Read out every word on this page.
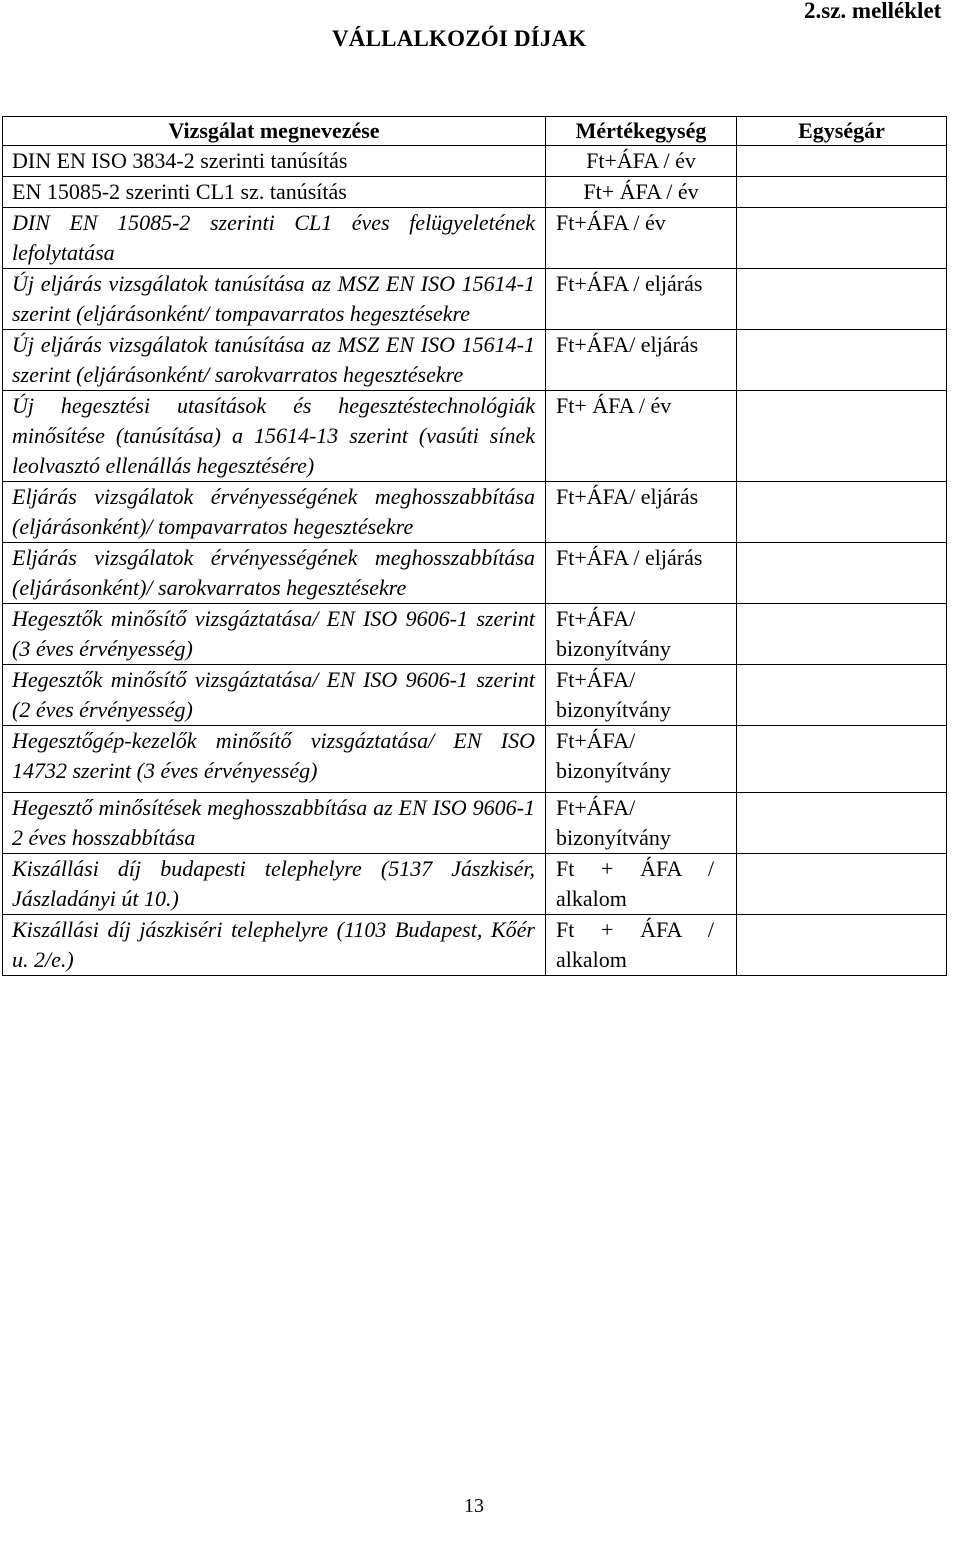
2.sz. melléklet
VÁLLALKOZÓI DÍJAK
Vizsgálat megnevezése	Mértékegység	Egységár
DIN EN ISO 3834-2 szerinti tanúsítás	Ft+ÁFA / év	
EN 15085-2 szerinti CL1 sz. tanúsítás	Ft+ ÁFA / év	
DIN EN 15085-2 szerinti CL1 éves felügyeletének lefolytatása	Ft+ÁFA / év	
Új eljárás vizsgálatok tanúsítása az MSZ EN ISO 15614-1 szerint (eljárásonként/ tompavarratos hegesztésekre	Ft+ÁFA / eljárás	
Új eljárás vizsgálatok tanúsítása az MSZ EN ISO 15614-1 szerint (eljárásonként/ sarokvarratos hegesztésekre	Ft+ÁFA/ eljárás	
Új hegesztési utasítások és hegesztéstechnológiák minősítése (tanúsítása) a 15614-13 szerint (vasúti sínek leolvasztó ellenállás hegesztésére)	Ft+ ÁFA / év	
Eljárás vizsgálatok érvényességének meghosszabbítása (eljárásonként)/ tompavarratos hegesztésekre	Ft+ÁFA/ eljárás	
Eljárás vizsgálatok érvényességének meghosszabbítása (eljárásonként)/ sarokvarratos hegesztésekre	Ft+ÁFA / eljárás	
Hegesztők minősítő vizsgáztatása/ EN ISO 9606-1 szerint (3 éves érvényesség)	Ft+ÁFA/ bizonyítvány	
Hegesztők minősítő vizsgáztatása/ EN ISO 9606-1 szerint (2 éves érvényesség)	Ft+ÁFA/ bizonyítvány	
Hegesztőgép-kezelők minősítő vizsgáztatása/ EN ISO 14732 szerint (3 éves érvényesség)	Ft+ÁFA/ bizonyítvány	
Hegesztő minősítések meghosszabbítása az EN ISO 9606-1 2 éves hosszabbítása	Ft+ÁFA/ bizonyítvány	
Kiszállási díj budapesti telephelyre (5137 Jászkisér, Jászladányi út 10.)	Ft + ÁFA / alkalom	

Kiszállási díj jászkiséri telephelyre (1103 Budapest, Kőér u. 2/e.)	Ft + ÁFA / alkalom	

13
